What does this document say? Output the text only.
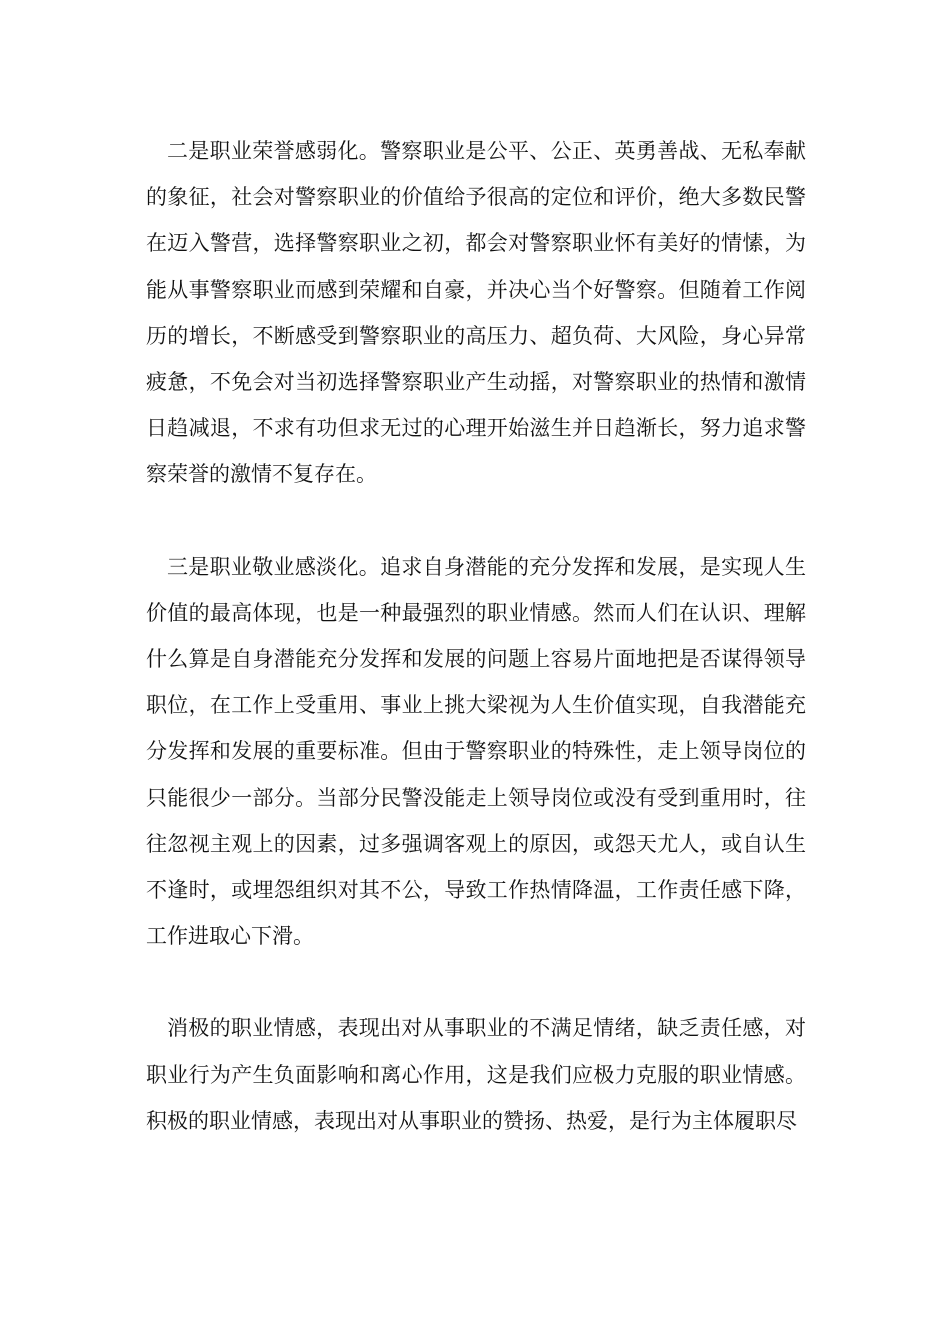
二是职业荣誉感弱化。警察职业是公平、公正、英勇善战、无私奉献的象征，社会对警察职业的价值给予很高的定位和评价，绝大多数民警在迈入警营，选择警察职业之初，都会对警察职业怀有美好的情愫，为能从事警察职业而感到荣耀和自豪，并决心当个好警察。但随着工作阅历的增长，不断感受到警察职业的高压力、超负荷、大风险，身心异常疲惫，不免会对当初选择警察职业产生动摇，对警察职业的热情和激情日趋减退，不求有功但求无过的心理开始滋生并日趋渐长，努力追求警察荣誉的激情不复存在。

三是职业敬业感淡化。追求自身潜能的充分发挥和发展，是实现人生价值的最高体现，也是一种最强烈的职业情感。然而人们在认识、理解什么算是自身潜能充分发挥和发展的问题上容易片面地把是否谋得领导职位，在工作上受重用、事业上挑大梁视为人生价值实现，自我潜能充分发挥和发展的重要标准。但由于警察职业的特殊性，走上领导岗位的只能很少一部分。当部分民警没能走上领导岗位或没有受到重用时，往往忽视主观上的因素，过多强调客观上的原因，或怨天尤人，或自认生不逢时，或埋怨组织对其不公，导致工作热情降温，工作责任感下降，工作进取心下滑。

消极的职业情感，表现出对从事职业的不满足情绪，缺乏责任感，对职业行为产生负面影响和离心作用，这是我们应极力克服的职业情感。积极的职业情感，表现出对从事职业的赞扬、热爱，是行为主体履职尽
